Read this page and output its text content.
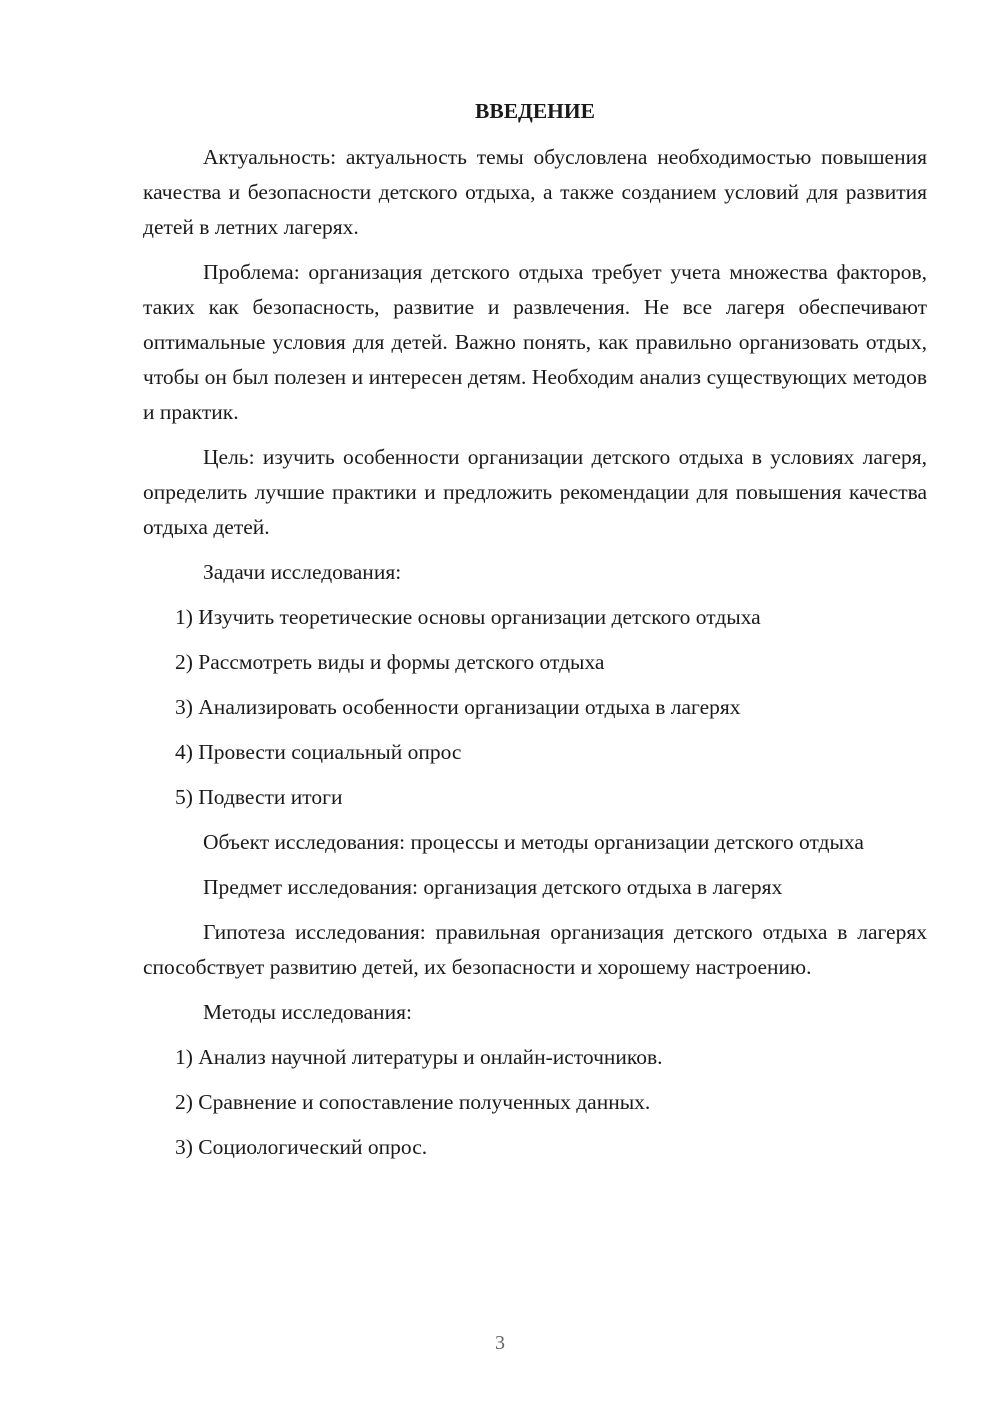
ВВЕДЕНИЕ
Актуальность: актуальность темы обусловлена необходимостью повышения качества и безопасности детского отдыха, а также созданием условий для развития детей в летних лагерях.
Проблема: организация детского отдыха требует учета множества факторов, таких как безопасность, развитие и развлечения. Не все лагеря обеспечивают оптимальные условия для детей. Важно понять, как правильно организовать отдых, чтобы он был полезен и интересен детям. Необходим анализ существующих методов и практик.
Цель: изучить особенности организации детского отдыха в условиях лагеря, определить лучшие практики и предложить рекомендации для повышения качества отдыха детей.
Задачи исследования:
1) Изучить теоретические основы организации детского отдыха
2) Рассмотреть виды и формы детского отдыха
3) Анализировать особенности организации отдыха в лагерях
4) Провести социальный опрос
5) Подвести итоги
Объект исследования: процессы и методы организации детского отдыха
Предмет исследования: организация детского отдыха в лагерях
Гипотеза исследования: правильная организация детского отдыха в лагерях способствует развитию детей, их безопасности и хорошему настроению.
Методы исследования:
1) Анализ научной литературы и онлайн-источников.
2) Сравнение и сопоставление полученных данных.
3) Социологический опрос.
3
